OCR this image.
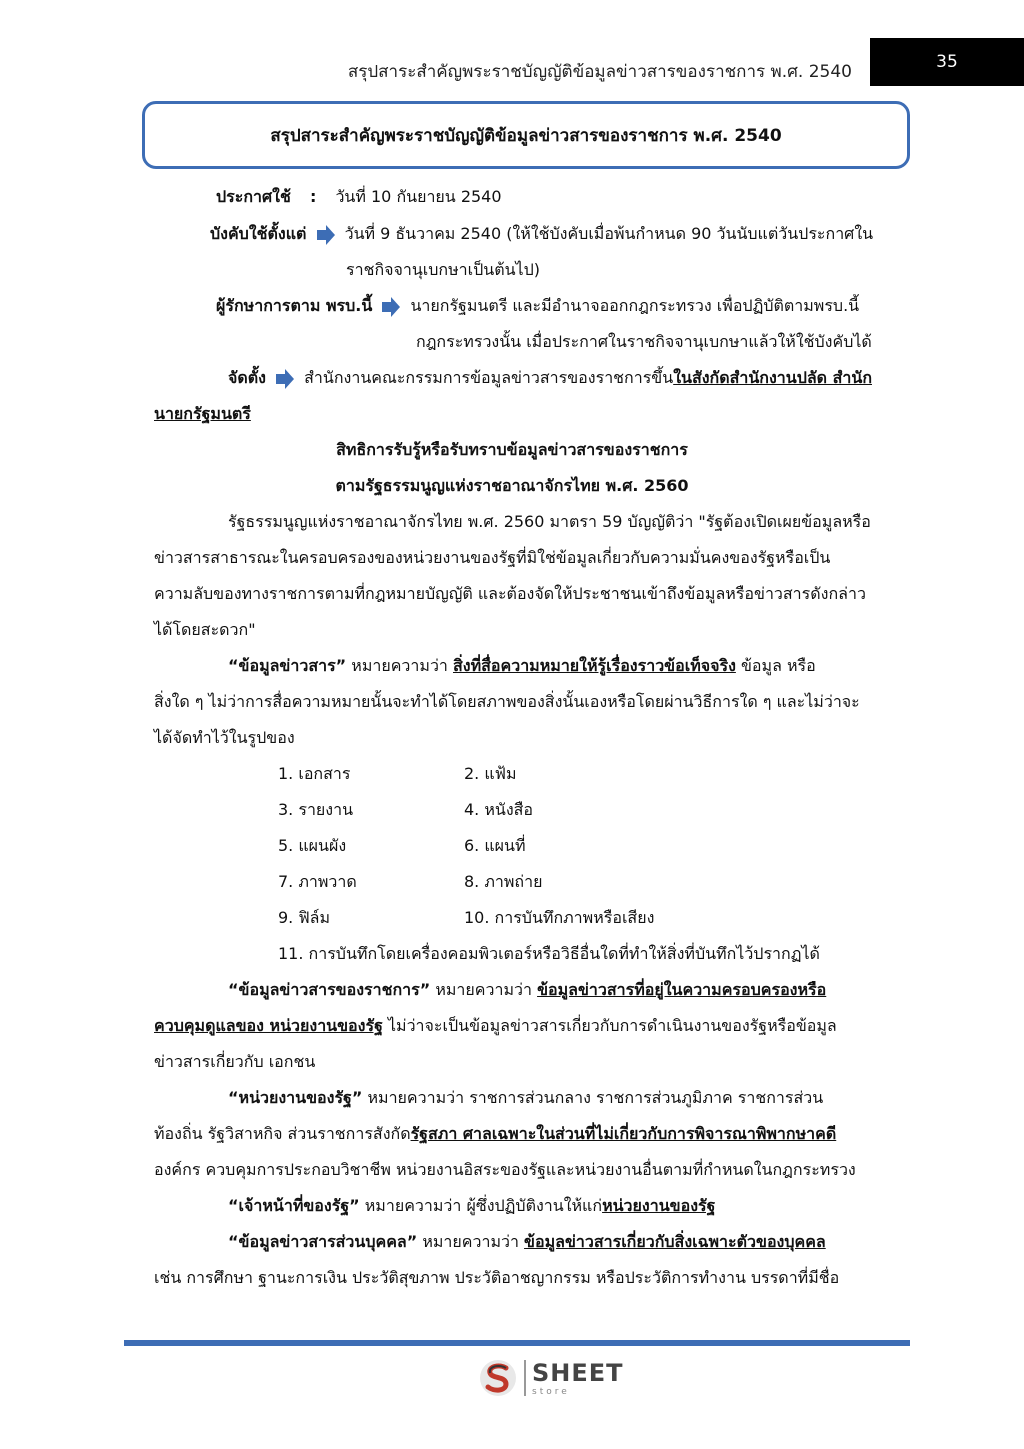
สรุปสาระสำคัญพระราชบัญญัติข้อมูลข่าวสารของราชการ พ.ศ. 2540	35
สรุปสาระสำคัญพระราชบัญญัติข้อมูลข่าวสารของราชการ พ.ศ. 2540
ประกาศใช้ : วันที่ 10 กันยายน 2540
บังคับใช้ตั้งแต่ วันที่ 9 ธันวาคม 2540 (ให้ใช้บังคับเมื่อพ้นกำหนด 90 วันนับแต่วันประกาศใน
ราชกิจจานุเบกษาเป็นต้นไป)
ผู้รักษาการตาม พรบ.นี้ นายกรัฐมนตรี และมีอำนาจออกกฎกระทรวง เพื่อปฏิบัติตามพรบ.นี้
กฎกระทรวงนั้น เมื่อประกาศในราชกิจจานุเบกษาแล้วให้ใช้บังคับได้
จัดตั้ง สำนักงานคณะกรรมการข้อมูลข่าวสารของราชการขึ้นในสังกัดสำนักงานปลัด สำนัก
นายกรัฐมนตรี
สิทธิการรับรู้หรือรับทราบข้อมูลข่าวสารของราชการ
ตามรัฐธรรมนูญแห่งราชอาณาจักรไทย พ.ศ. 2560
รัฐธรรมนูญแห่งราชอาณาจักรไทย พ.ศ. 2560 มาตรา 59 บัญญัติว่า "รัฐต้องเปิดเผยข้อมูลหรือ
ข่าวสารสาธารณะในครอบครองของหน่วยงานของรัฐที่มิใช่ข้อมูลเกี่ยวกับความมั่นคงของรัฐหรือเป็น
ความลับของทางราชการตามที่กฎหมายบัญญัติ และต้องจัดให้ประชาชนเข้าถึงข้อมูลหรือข่าวสารดังกล่าว
ได้โดยสะดวก"
“ข้อมูลข่าวสาร” หมายความว่า สิ่งที่สื่อความหมายให้รู้เรื่องราวข้อเท็จจริง ข้อมูล หรือ
สิ่งใด ๆ ไม่ว่าการสื่อความหมายนั้นจะทำได้โดยสภาพของสิ่งนั้นเองหรือโดยผ่านวิธีการใด ๆ และไม่ว่าจะ
ได้จัดทำไว้ในรูปของ
1. เอกสาร	2. แฟ้ม
3. รายงาน	4. หนังสือ
5. แผนผัง	6. แผนที่
7. ภาพวาด	8. ภาพถ่าย
9. ฟิล์ม	10. การบันทึกภาพหรือเสียง
11. การบันทึกโดยเครื่องคอมพิวเตอร์หรือวิธีอื่นใดที่ทำให้สิ่งที่บันทึกไว้ปรากฏได้
“ข้อมูลข่าวสารของราชการ” หมายความว่า ข้อมูลข่าวสารที่อยู่ในความครอบครองหรือ
ควบคุมดูแลของ หน่วยงานของรัฐ ไม่ว่าจะเป็นข้อมูลข่าวสารเกี่ยวกับการดำเนินงานของรัฐหรือข้อมูล
ข่าวสารเกี่ยวกับ เอกชน
“หน่วยงานของรัฐ” หมายความว่า ราชการส่วนกลาง ราชการส่วนภูมิภาค ราชการส่วน
ท้องถิ่น รัฐวิสาหกิจ ส่วนราชการสังกัดรัฐสภา ศาลเฉพาะในส่วนที่ไม่เกี่ยวกับการพิจารณาพิพากษาคดี
องค์กร ควบคุมการประกอบวิชาชีพ หน่วยงานอิสระของรัฐและหน่วยงานอื่นตามที่กำหนดในกฎกระทรวง
“เจ้าหน้าที่ของรัฐ” หมายความว่า ผู้ซึ่งปฏิบัติงานให้แก่หน่วยงานของรัฐ
“ข้อมูลข่าวสารส่วนบุคคล” หมายความว่า ข้อมูลข่าวสารเกี่ยวกับสิ่งเฉพาะตัวของบุคคล
เช่น การศึกษา ฐานะการเงิน ประวัติสุขภาพ ประวัติอาชญากรรม หรือประวัติการทำงาน บรรดาที่มีชื่อ
SHEET
store
